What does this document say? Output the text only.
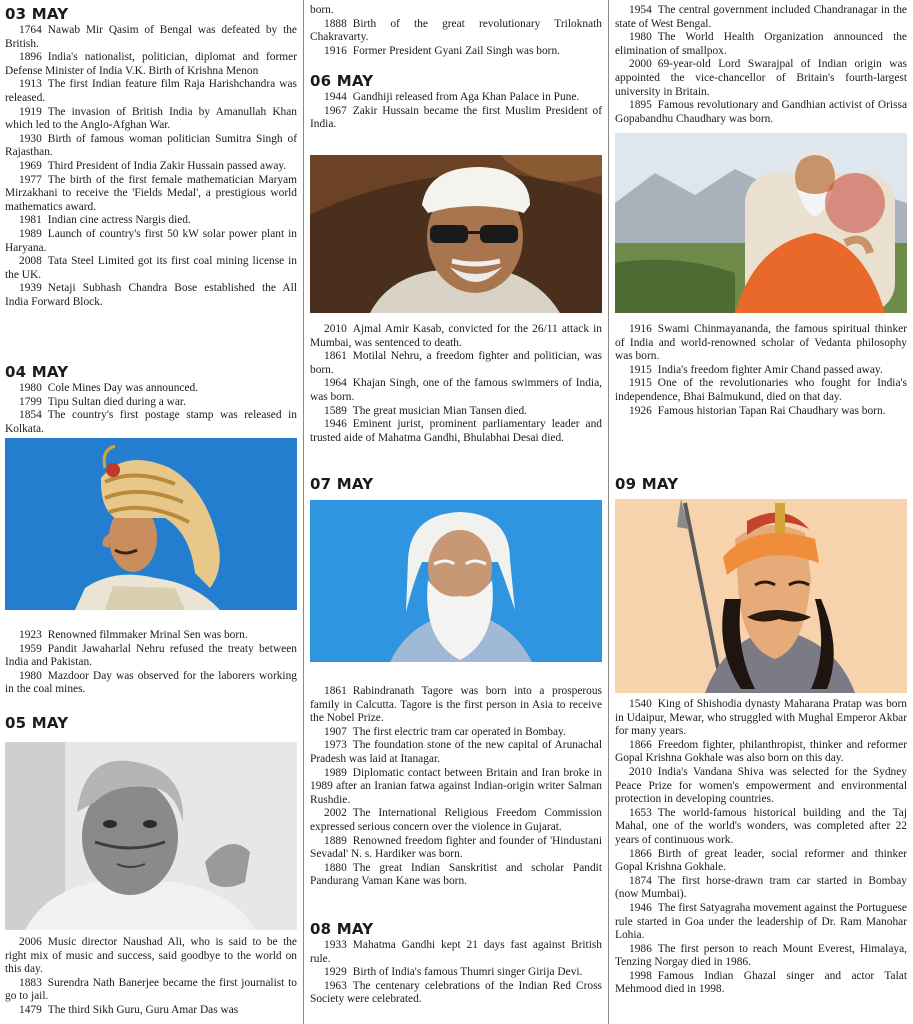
03 MAY

1764 Nawab Mir Qasim of Bengal was defeated by the British.

1896 India's nationalist, politician, diplomat and former Defense Minister of India V.K. Birth of Krishna Menon

1913 The first Indian feature film Raja Harishchandra was released.

1919 The invasion of British India by Amanullah Khan which led to the Anglo-Afghan War.

1930 Birth of famous woman politician Sumitra Singh of Rajasthan.

1969 Third President of India Zakir Hussain passed away.

1977 The birth of the first female mathematician Maryam Mirzakhani to receive the 'Fields Medal', a prestigious world mathematics award.

1981 Indian cine actress Nargis died.

1989 Launch of country's first 50 kW solar power plant in Haryana.

2008 Tata Steel Limited got its first coal mining license in the UK.

1939 Netaji Subhash Chandra Bose established the All India Forward Block.

04 MAY

1980 Cole Mines Day was announced.

1799 Tipu Sultan died during a war.

1854 The country's first postage stamp was released in Kolkata.

1923 Renowned filmmaker Mrinal Sen was born.

1959 Pandit Jawaharlal Nehru refused the treaty between India and Pakistan.

1980 Mazdoor Day was observed for the laborers working in the coal mines.

05 MAY

2006 Music director Naushad Ali, who is said to be the right mix of music and success, said goodbye to the world on this day.

1883 Surendra Nath Banerjee became the first journalist to go to jail.

1479 The third Sikh Guru, Guru Amar Das was

born.

1888 Birth of the great revolutionary Triloknath Chakravarty.

1916 Former President Gyani Zail Singh was born.

06 MAY

1944 Gandhiji released from Aga Khan Palace in Pune.

1967 Zakir Hussain became the first Muslim President of India.

2010 Ajmal Amir Kasab, convicted for the 26/11 attack in Mumbai, was sentenced to death.

1861 Motilal Nehru, a freedom fighter and politician, was born.

1964 Khajan Singh, one of the famous swimmers of India, was born.

1589 The great musician Mian Tansen died.

1946 Eminent jurist, prominent parliamentary leader and trusted aide of Mahatma Gandhi, Bhulabhai Desai died.

07 MAY

1861 Rabindranath Tagore was born into a prosperous family in Calcutta. Tagore is the first person in Asia to receive the Nobel Prize.

1907 The first electric tram car operated in Bombay.

1973 The foundation stone of the new capital of Arunachal Pradesh was laid at Itanagar.

1989 Diplomatic contact between Britain and Iran broke in 1989 after an Iranian fatwa against Indian-origin writer Salman Rushdie.

2002 The International Religious Freedom Commission expressed serious concern over the violence in Gujarat.

1889 Renowned freedom fighter and founder of 'Hindustani Sevadal' N. s. Hardiker was born.

1880 The great Indian Sanskritist and scholar Pandit Pandurang Vaman Kane was born.

08 MAY

1933 Mahatma Gandhi kept 21 days fast against British rule.

1929 Birth of India's famous Thumri singer Girija Devi.

1963 The centenary celebrations of the Indian Red Cross Society were celebrated.

1954 The central government included Chandranagar in the state of West Bengal.

1980 The World Health Organization announced the elimination of smallpox.

2000 69-year-old Lord Swarajpal of Indian origin was appointed the vice-chancellor of Britain's fourth-largest university in Britain.

1895 Famous revolutionary and Gandhian activist of Orissa Gopabandhu Chaudhary was born.

1916 Swami Chinmayananda, the famous spiritual thinker of India and world-renowned scholar of Vedanta philosophy was born.

1915 India's freedom fighter Amir Chand passed away.

1915 One of the revolutionaries who fought for India's independence, Bhai Balmukund, died on that day.

1926 Famous historian Tapan Rai Chaudhary was born.

09 MAY

1540 King of Shishodia dynasty Maharana Pratap was born in Udaipur, Mewar, who struggled with Mughal Emperor Akbar for many years.

1866 Freedom fighter, philanthropist, thinker and reformer Gopal Krishna Gokhale was also born on this day.

2010 India's Vandana Shiva was selected for the Sydney Peace Prize for women's empowerment and environmental protection in developing countries.

1653 The world-famous historical building and the Taj Mahal, one of the world's wonders, was completed after 22 years of continuous work.

1866 Birth of great leader, social reformer and thinker Gopal Krishna Gokhale.

1874 The first horse-drawn tram car started in Bombay (now Mumbai).

1946 The first Satyagraha movement against the Portuguese rule started in Goa under the leadership of Dr. Ram Manohar Lohia.

1986 The first person to reach Mount Everest, Himalaya, Tenzing Norgay died in 1986.

1998 Famous Indian Ghazal singer and actor Talat Mehmood died in 1998.
